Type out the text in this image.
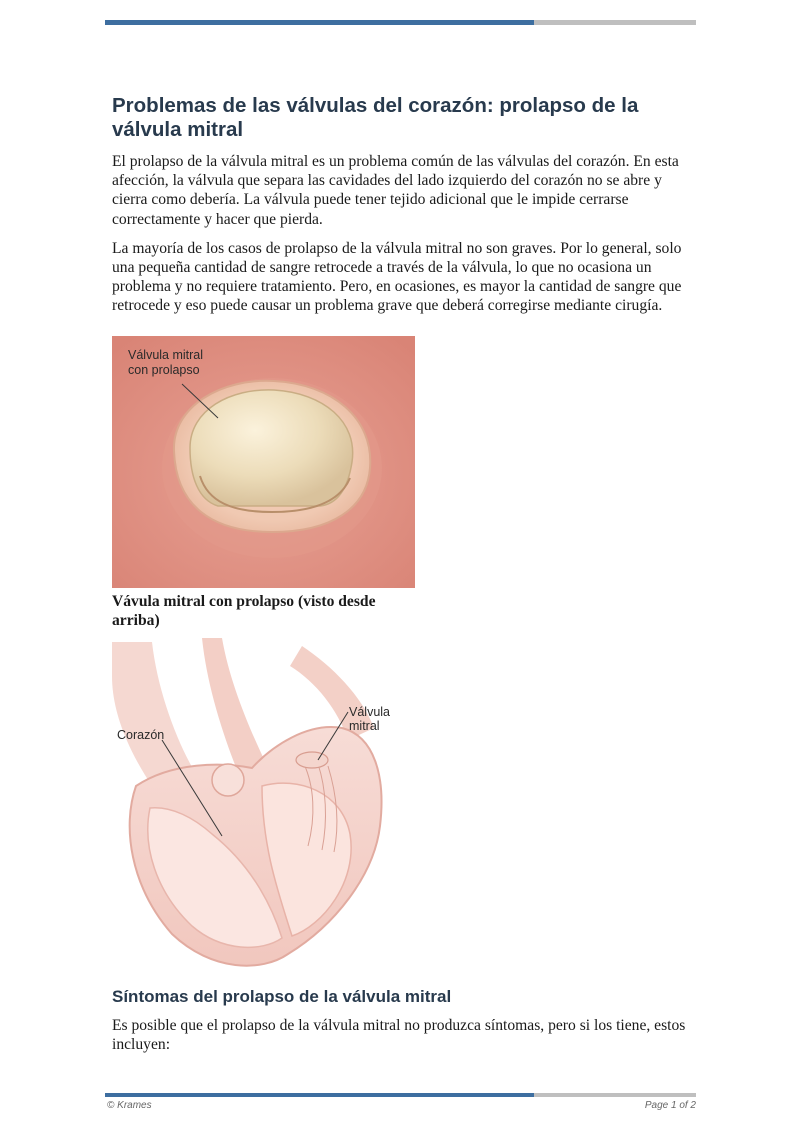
Problemas de las válvulas del corazón: prolapso de la válvula mitral

El prolapso de la válvula mitral es un problema común de las válvulas del corazón. En esta afección, la válvula que separa las cavidades del lado izquierdo del corazón no se abre y cierra como debería. La válvula puede tener tejido adicional que le impide cerrarse correctamente y hacer que pierda.

La mayoría de los casos de prolapso de la válvula mitral no son graves. Por lo general, solo una pequeña cantidad de sangre retrocede a través de la válvula, lo que no ocasiona un problema y no requiere tratamiento. Pero, en ocasiones, es mayor la cantidad de sangre que retrocede y eso puede causar un problema grave que deberá corregirse mediante cirugía.

Válvula mitral
con prolapso

Vávula mitral con prolapso (visto desde arriba)

Corazón
Válvula
mitral
Síntomas del prolapso de la válvula mitral

Es posible que el prolapso de la válvula mitral no produzca síntomas, pero si los tiene, estos incluyen:

© Krames	Page 1 of 2
